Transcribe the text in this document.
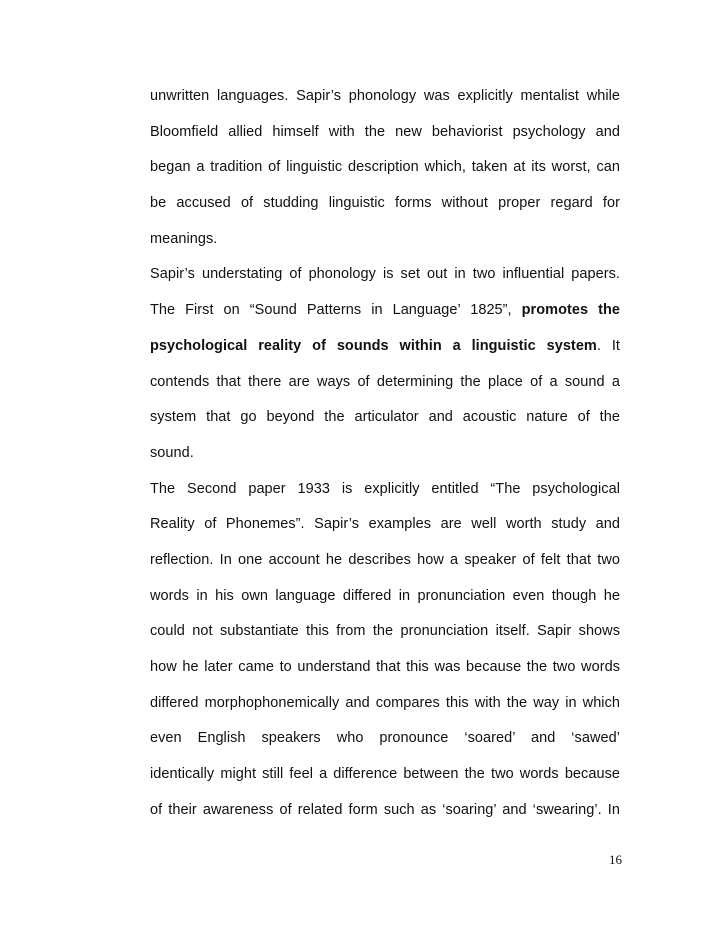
unwritten languages. Sapir’s phonology was explicitly mentalist while
Bloomfield allied himself with the new behaviorist psychology and
began a tradition of linguistic description which, taken at its worst, can
be accused of studding linguistic forms without proper regard for
meanings.
Sapir’s understating of phonology is set out in two influential papers.
The First on “Sound Patterns in Language’ 1825”, promotes the
psychological reality of sounds within a linguistic system. It
contends that there are ways of determining the place of a sound a
system that go beyond the articulator and acoustic nature of the
sound.
The Second paper 1933 is explicitly entitled “The psychological
Reality of Phonemes”. Sapir’s examples are well worth study and
reflection. In one account he describes how a speaker of felt that two
words in his own language differed in pronunciation even though he
could not substantiate this from the pronunciation itself. Sapir shows
how he later came to understand that this was because the two words
differed morphophonemically and compares this with the way in which
even English speakers who pronounce ‘soared’ and ‘sawed’
identically might still feel a difference between the two words because
of their awareness of related form such as ‘soaring’ and ‘swearing’. In
16
